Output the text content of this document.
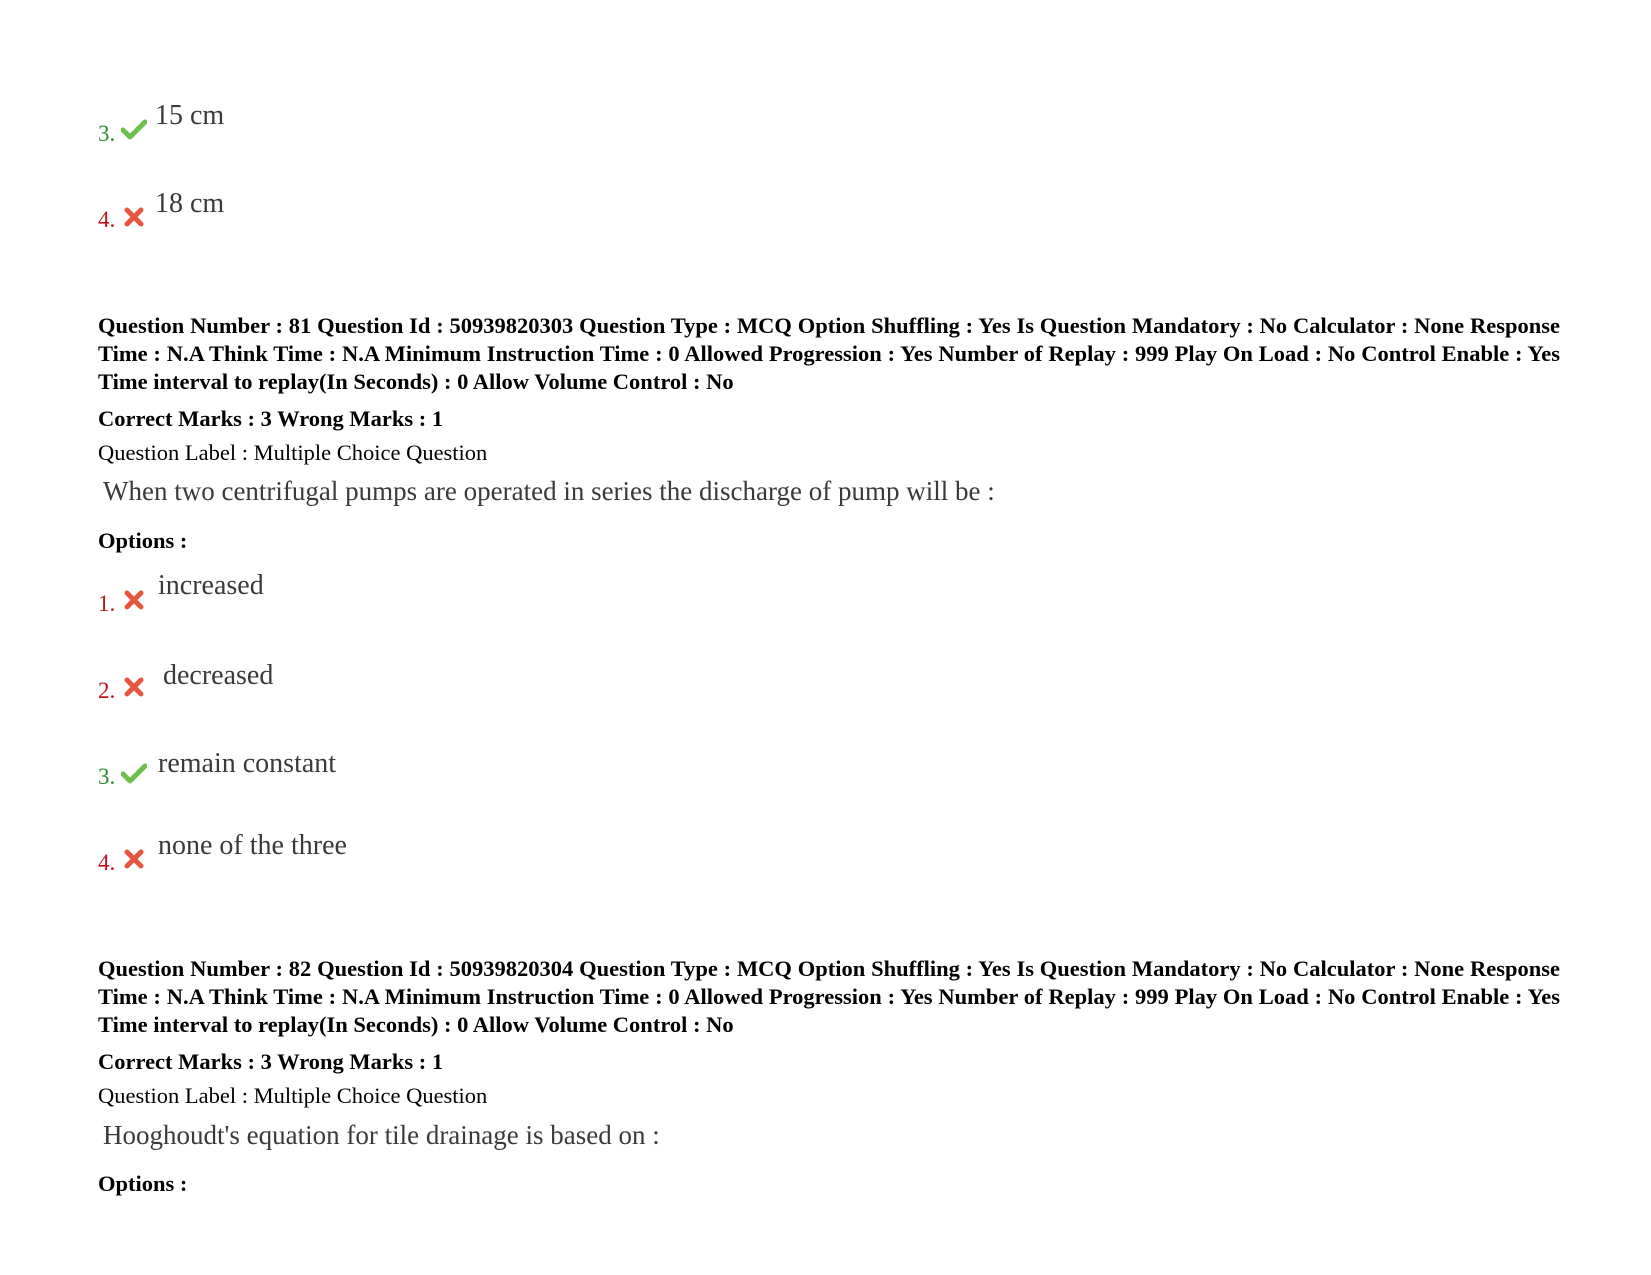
3.
15 cm
4.
18 cm
Question Number : 81 Question Id : 50939820303 Question Type : MCQ Option Shuffling : Yes Is Question Mandatory : No Calculator : None Response Time : N.A Think Time : N.A Minimum Instruction Time : 0 Allowed Progression : Yes Number of Replay : 999 Play On Load : No Control Enable : Yes Time interval to replay(In Seconds) : 0 Allow Volume Control : No
Correct Marks : 3 Wrong Marks : 1
Question Label : Multiple Choice Question
When two centrifugal pumps are operated in series the discharge of pump will be :
Options :
1.
increased
2. decreased
3. remain constant
4.
none of the three
Question Number : 82 Question Id : 50939820304 Question Type : MCQ Option Shuffling : Yes Is Question Mandatory : No Calculator : None Response Time : N.A Think Time : N.A Minimum Instruction Time : 0 Allowed Progression : Yes Number of Replay : 999 Play On Load : No Control Enable : Yes Time interval to replay(In Seconds) : 0 Allow Volume Control : No
Correct Marks : 3 Wrong Marks : 1
Question Label : Multiple Choice Question
Hooghoudt's equation for tile drainage is based on :
Options :
